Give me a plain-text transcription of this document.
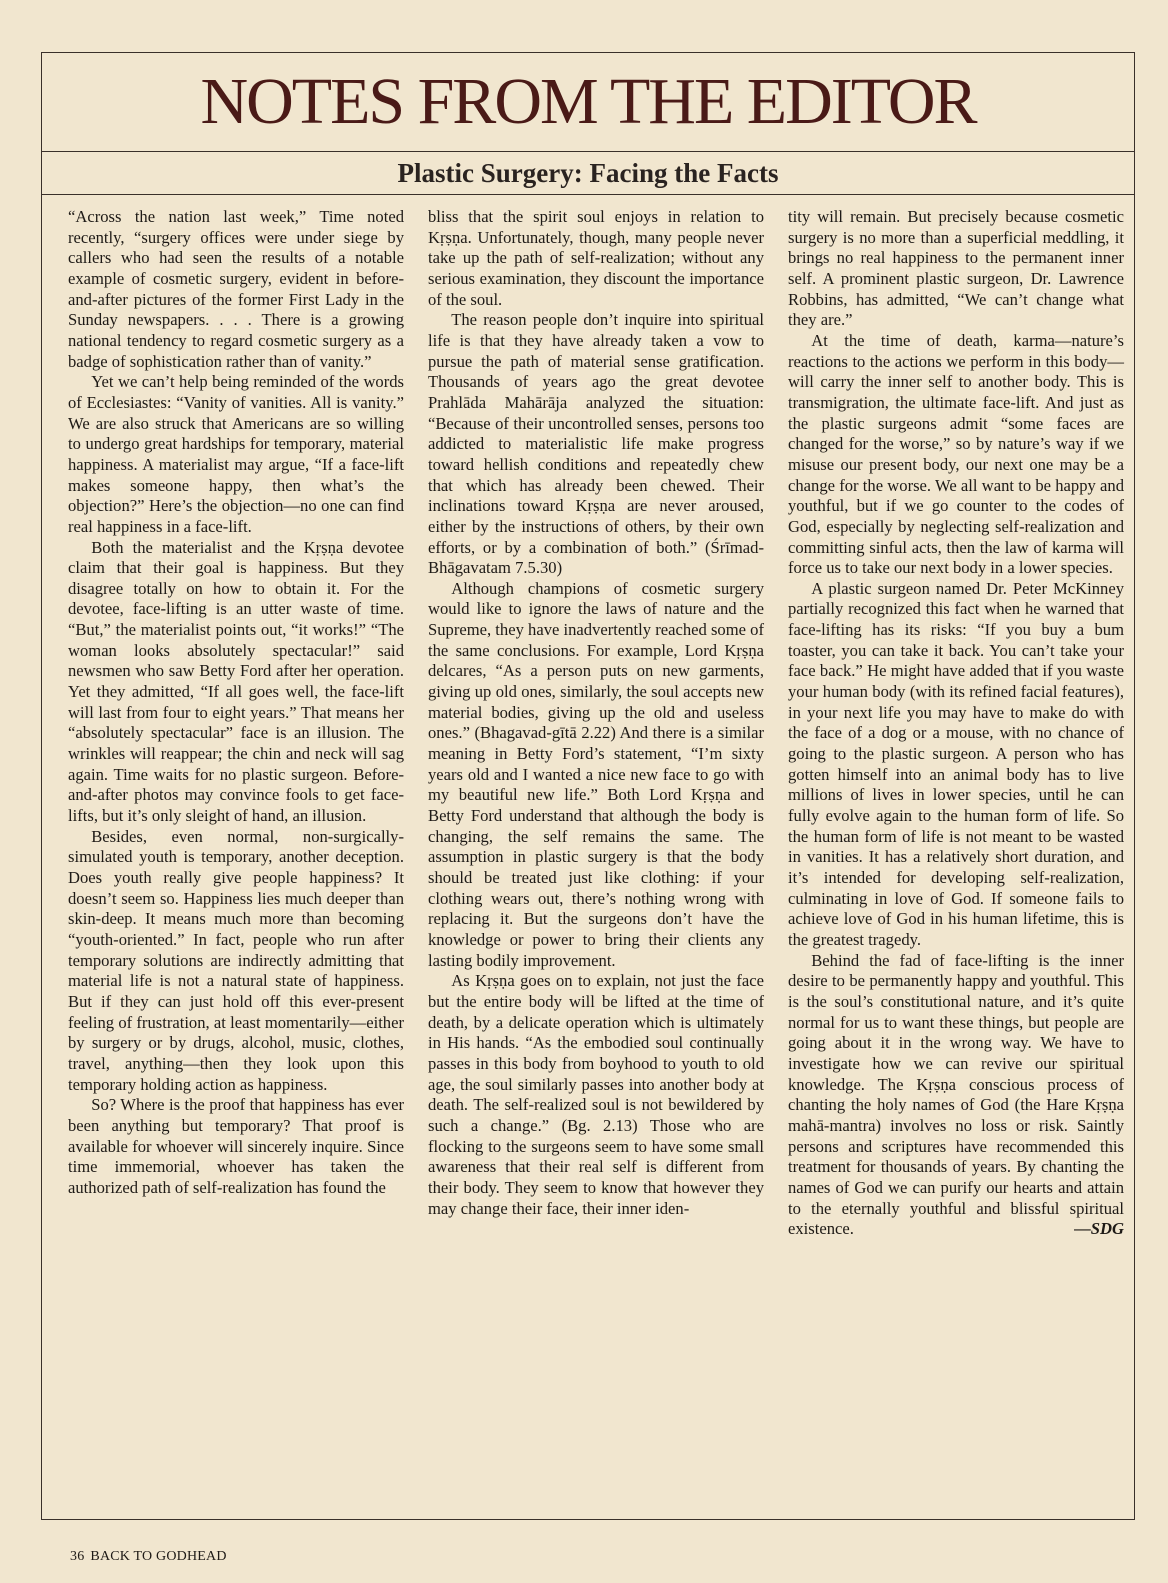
NOTES FROM THE EDITOR
Plastic Surgery: Facing the Facts

“Across the nation last week,” Time noted recently, “surgery offices were under siege by callers who had seen the results of a notable example of cosmetic surgery, evident in before-and-after pictures of the former First Lady in the Sunday newspapers. . . . There is a growing national tendency to regard cosmetic surgery as a badge of sophistication rather than of vanity.”

Yet we can’t help being reminded of the words of Ecclesiastes: “Vanity of vanities. All is vanity.” We are also struck that Americans are so willing to undergo great hardships for temporary, material happiness. A materialist may argue, “If a face-lift makes someone happy, then what’s the objection?” Here’s the objection—no one can find real happiness in a face-lift.

Both the materialist and the Kṛṣṇa devotee claim that their goal is happiness. But they disagree totally on how to obtain it. For the devotee, face-lifting is an utter waste of time. “But,” the materialist points out, “it works!” “The woman looks absolutely spectacular!” said newsmen who saw Betty Ford after her operation. Yet they admitted, “If all goes well, the face-lift will last from four to eight years.” That means her “absolutely spectacular” face is an illusion. The wrinkles will reappear; the chin and neck will sag again. Time waits for no plastic surgeon. Before-and-after photos may convince fools to get face-lifts, but it’s only sleight of hand, an illusion.

Besides, even normal, non-surgically-simulated youth is temporary, another deception. Does youth really give people happiness? It doesn’t seem so. Happiness lies much deeper than skin-deep. It means much more than becoming “youth-oriented.” In fact, people who run after temporary solutions are indirectly admitting that material life is not a natural state of happiness. But if they can just hold off this ever-present feeling of frustration, at least momentarily—either by surgery or by drugs, alcohol, music, clothes, travel, anything—then they look upon this temporary holding action as happiness.

So? Where is the proof that happiness has ever been anything but temporary? That proof is available for whoever will sincerely inquire. Since time immemorial, whoever has taken the authorized path of self-realization has found the

bliss that the spirit soul enjoys in relation to Kṛṣṇa. Unfortunately, though, many people never take up the path of self-realization; without any serious examination, they discount the importance of the soul.

The reason people don’t inquire into spiritual life is that they have already taken a vow to pursue the path of material sense gratification. Thousands of years ago the great devotee Prahlāda Mahārāja analyzed the situation: “Because of their uncontrolled senses, persons too addicted to materialistic life make progress toward hellish conditions and repeatedly chew that which has already been chewed. Their inclinations toward Kṛṣṇa are never aroused, either by the instructions of others, by their own efforts, or by a combination of both.” (Śrīmad-Bhāgavatam 7.5.30)

Although champions of cosmetic surgery would like to ignore the laws of nature and the Supreme, they have inadvertently reached some of the same conclusions. For example, Lord Kṛṣṇa delcares, “As a person puts on new garments, giving up old ones, similarly, the soul accepts new material bodies, giving up the old and useless ones.” (Bhagavad-gītā 2.22) And there is a similar meaning in Betty Ford’s statement, “I’m sixty years old and I wanted a nice new face to go with my beautiful new life.” Both Lord Kṛṣṇa and Betty Ford understand that although the body is changing, the self remains the same. The assumption in plastic surgery is that the body should be treated just like clothing: if your clothing wears out, there’s nothing wrong with replacing it. But the surgeons don’t have the knowledge or power to bring their clients any lasting bodily improvement.

As Kṛṣṇa goes on to explain, not just the face but the entire body will be lifted at the time of death, by a delicate operation which is ultimately in His hands. “As the embodied soul continually passes in this body from boyhood to youth to old age, the soul similarly passes into another body at death. The self-realized soul is not bewildered by such a change.” (Bg. 2.13) Those who are flocking to the surgeons seem to have some small awareness that their real self is different from their body. They seem to know that however they may change their face, their inner iden-

tity will remain. But precisely because cosmetic surgery is no more than a superficial meddling, it brings no real happiness to the permanent inner self. A prominent plastic surgeon, Dr. Lawrence Robbins, has admitted, “We can’t change what they are.”

At the time of death, karma—nature’s reactions to the actions we perform in this body—will carry the inner self to another body. This is transmigration, the ultimate face-lift. And just as the plastic surgeons admit “some faces are changed for the worse,” so by nature’s way if we misuse our present body, our next one may be a change for the worse. We all want to be happy and youthful, but if we go counter to the codes of God, especially by neglecting self-realization and committing sinful acts, then the law of karma will force us to take our next body in a lower species.

A plastic surgeon named Dr. Peter McKinney partially recognized this fact when he warned that face-lifting has its risks: “If you buy a bum toaster, you can take it back. You can’t take your face back.” He might have added that if you waste your human body (with its refined facial features), in your next life you may have to make do with the face of a dog or a mouse, with no chance of going to the plastic surgeon. A person who has gotten himself into an animal body has to live millions of lives in lower species, until he can fully evolve again to the human form of life. So the human form of life is not meant to be wasted in vanities. It has a relatively short duration, and it’s intended for developing self-realization, culminating in love of God. If someone fails to achieve love of God in his human lifetime, this is the greatest tragedy.

Behind the fad of face-lifting is the inner desire to be permanently happy and youthful. This is the soul’s constitutional nature, and it’s quite normal for us to want these things, but people are going about it in the wrong way. We have to investigate how we can revive our spiritual knowledge. The Kṛṣṇa conscious process of chanting the holy names of God (the Hare Kṛṣṇa mahā-mantra) involves no loss or risk. Saintly persons and scriptures have recommended this treatment for thousands of years. By chanting the names of God we can purify our hearts and attain to the eternally youthful and blissful spiritual existence.	—SDG

36 BACK TO GODHEAD
